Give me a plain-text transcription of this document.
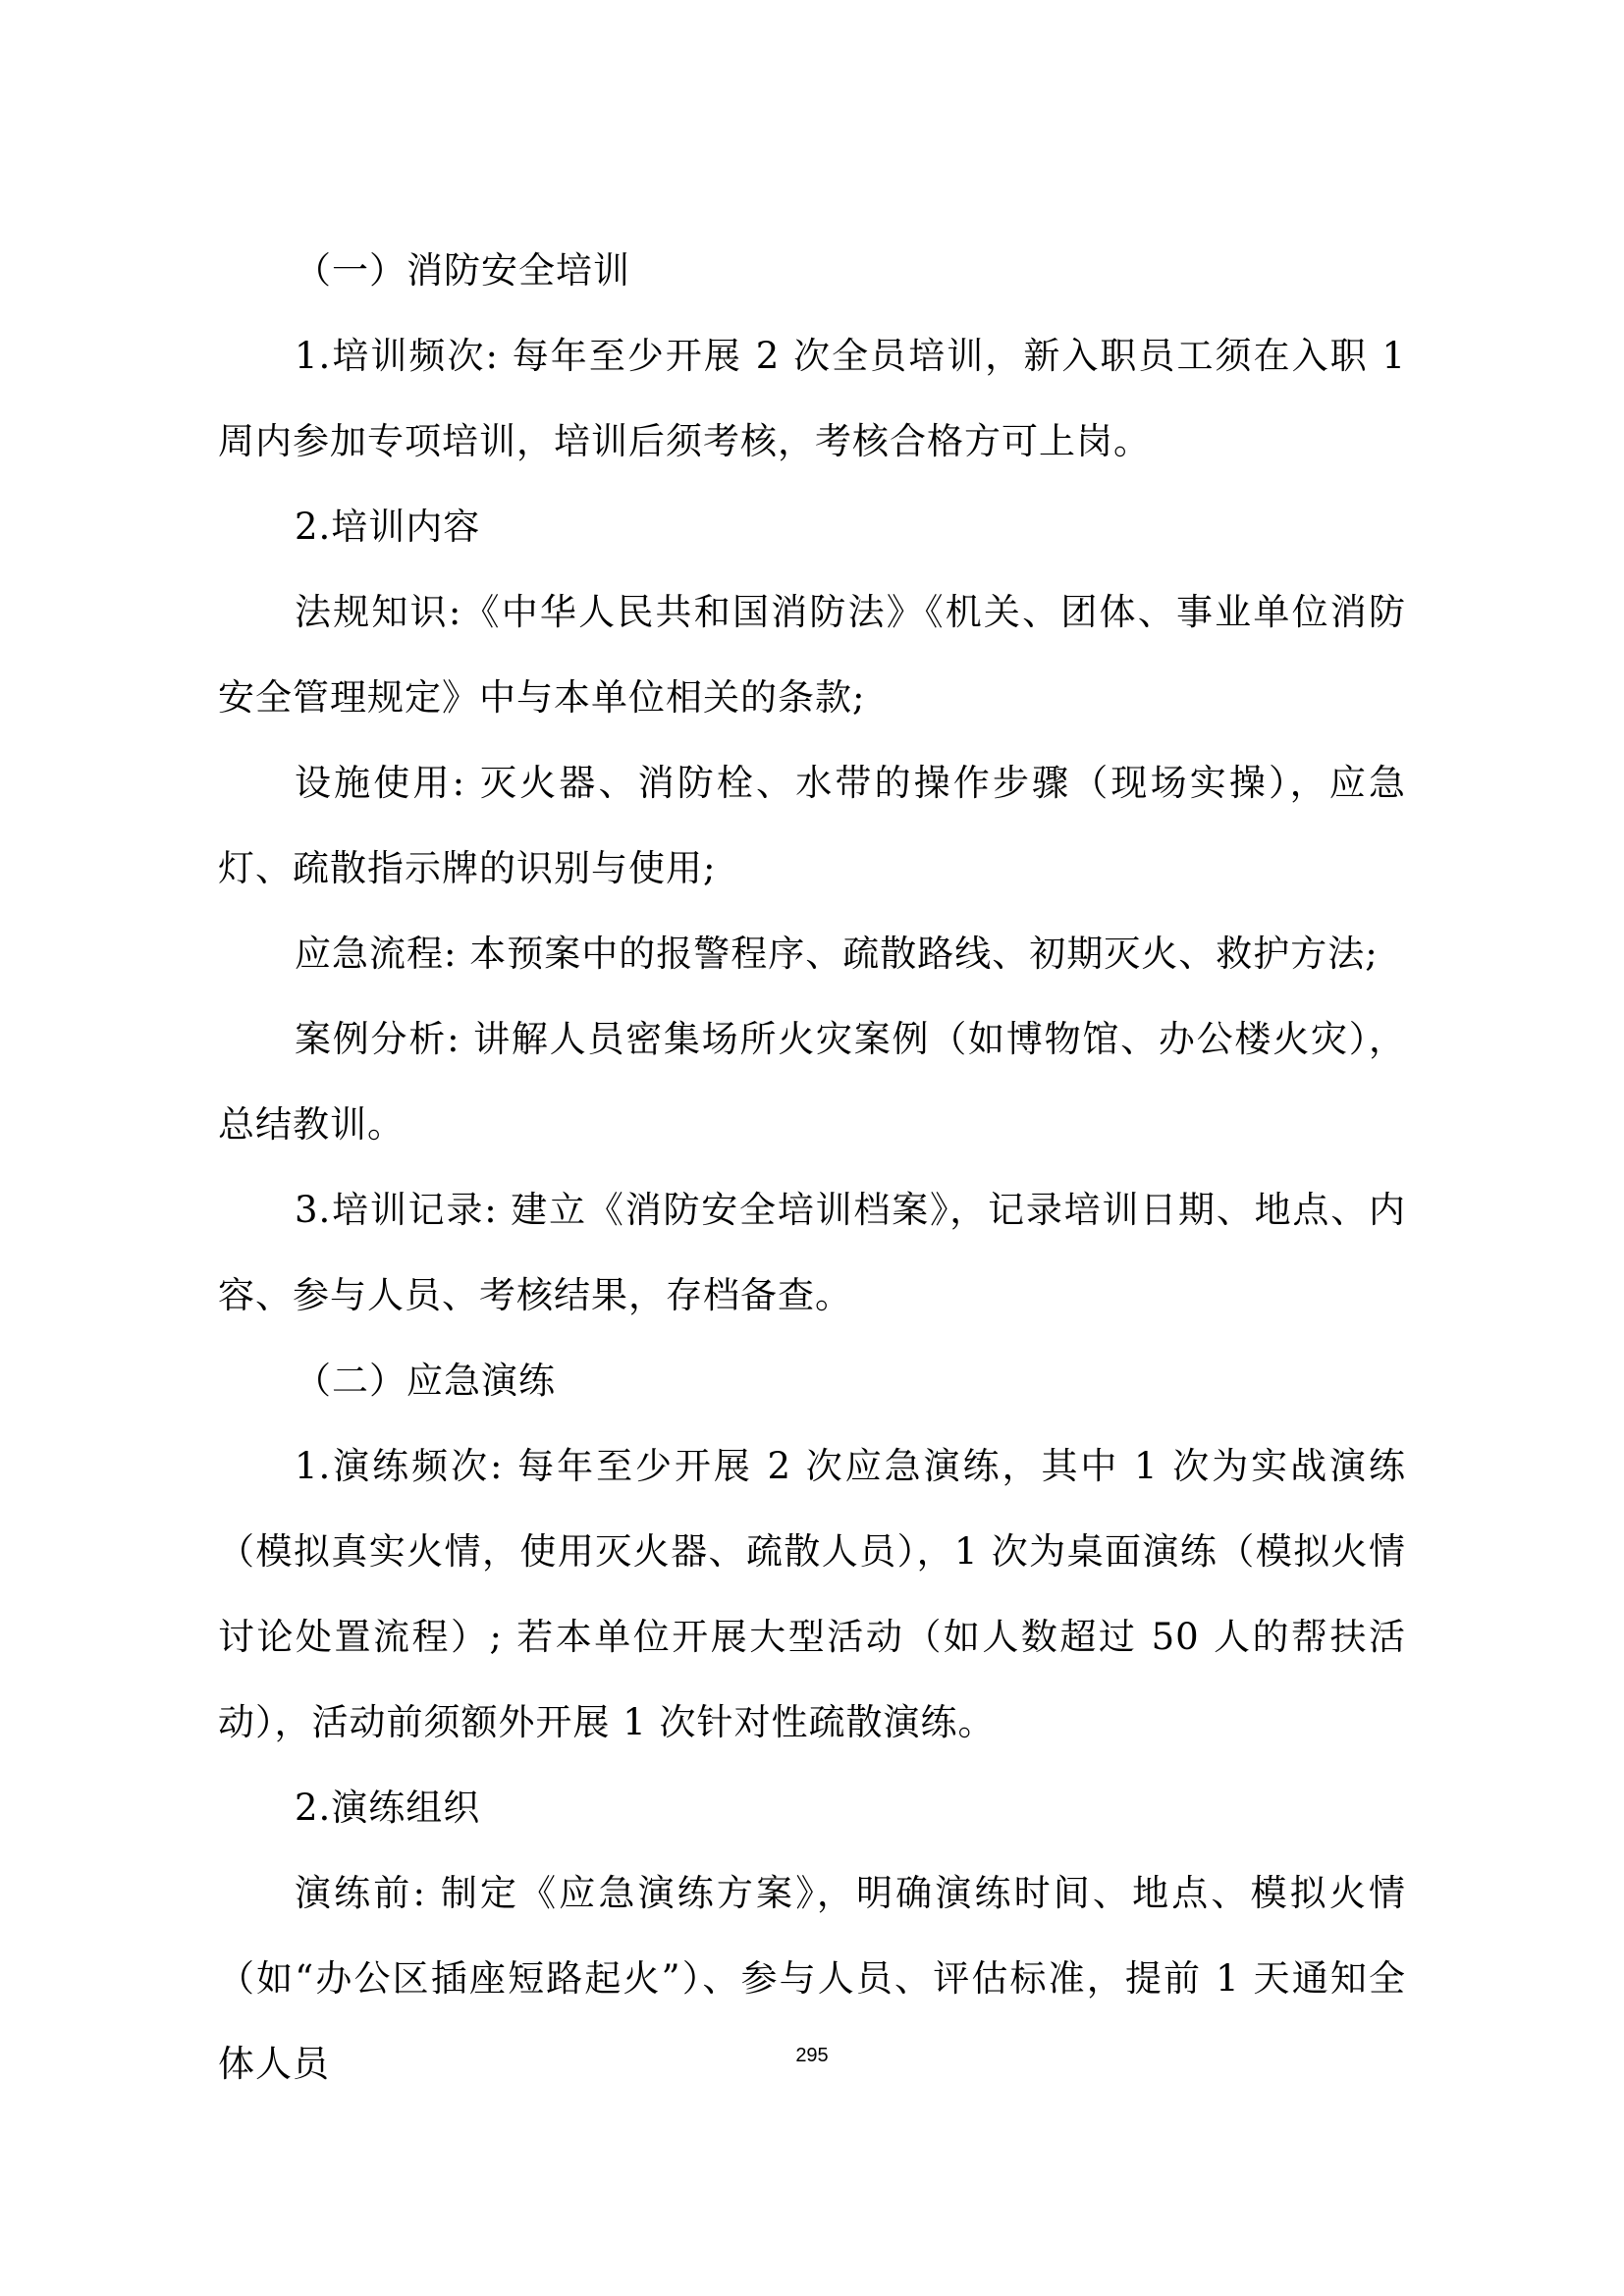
（一）消防安全培训

1.培训频次: 每年至少开展 2 次全员培训，新入职员工须在入职 1 周内参加专项培训，培训后须考核，考核合格方可上岗。

2.培训内容

法规知识:《中华人民共和国消防法》《机关、团体、事业单位消防安全管理规定》中与本单位相关的条款;

设施使用: 灭火器、消防栓、水带的操作步骤（现场实操），应急灯、疏散指示牌的识别与使用;

应急流程: 本预案中的报警程序、疏散路线、初期灭火、救护方法;

案例分析: 讲解人员密集场所火灾案例（如博物馆、办公楼火灾），总结教训。

3.培训记录: 建立《消防安全培训档案》，记录培训日期、地点、内容、参与人员、考核结果，存档备查。

（二）应急演练

1.演练频次: 每年至少开展 2 次应急演练，其中 1 次为实战演练（模拟真实火情，使用灭火器、疏散人员），1 次为桌面演练（模拟火情讨论处置流程）; 若本单位开展大型活动（如人数超过 50 人的帮扶活动），活动前须额外开展 1 次针对性疏散演练。

2.演练组织

演练前: 制定《应急演练方案》，明确演练时间、地点、模拟火情（如“办公区插座短路起火”）、参与人员、评估标准，提前 1 天通知全体人员	295
